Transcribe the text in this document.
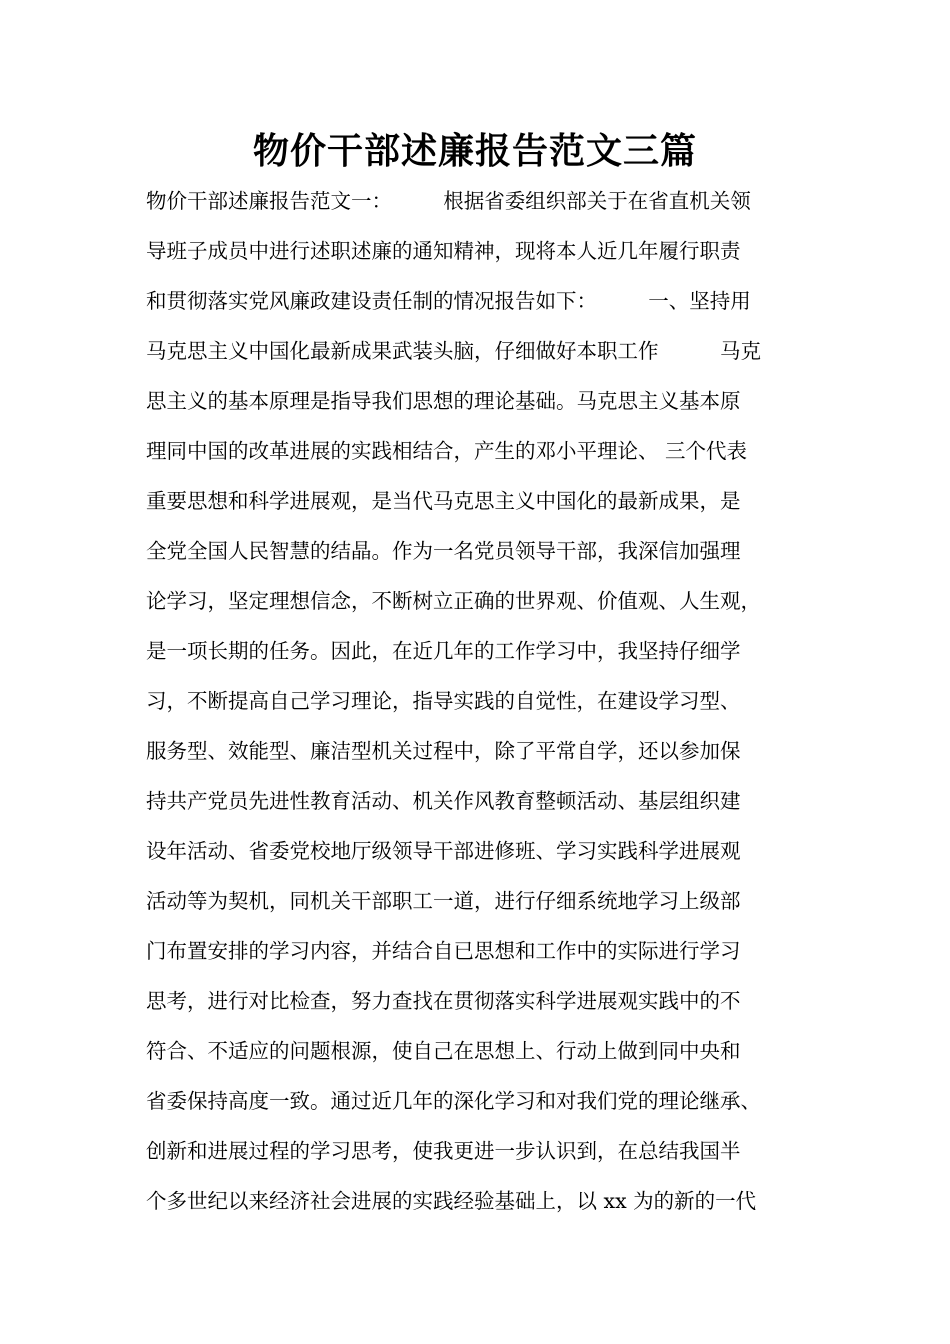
物价干部述廉报告范文三篇
物价干部述廉报告范文一：　　　根据省委组织部关于在省直机关领
导班子成员中进行述职述廉的通知精神，现将本人近几年履行职责
和贯彻落实党风廉政建设责任制的情况报告如下：　　　一、坚持用
马克思主义中国化最新成果武装头脑，仔细做好本职工作　　　马克
思主义的基本原理是指导我们思想的理论基础。马克思主义基本原
理同中国的改革进展的实践相结合，产生的邓小平理论、 三个代表
重要思想和科学进展观，是当代马克思主义中国化的最新成果，是
全党全国人民智慧的结晶。作为一名党员领导干部，我深信加强理
论学习，坚定理想信念，不断树立正确的世界观、价值观、人生观，
是一项长期的任务。因此，在近几年的工作学习中，我坚持仔细学
习，不断提高自己学习理论，指导实践的自觉性，在建设学习型、
服务型、效能型、廉洁型机关过程中，除了平常自学，还以参加保
持共产党员先进性教育活动、机关作风教育整顿活动、基层组织建
设年活动、省委党校地厅级领导干部进修班、学习实践科学进展观
活动等为契机，同机关干部职工一道，进行仔细系统地学习上级部
门布置安排的学习内容，并结合自已思想和工作中的实际进行学习
思考，进行对比检查，努力查找在贯彻落实科学进展观实践中的不
符合、不适应的问题根源，使自己在思想上、行动上做到同中央和
省委保持高度一致。通过近几年的深化学习和对我们党的理论继承、
创新和进展过程的学习思考，使我更进一步认识到，在总结我国半
个多世纪以来经济社会进展的实践经验基础上，以 xx 为的新的一代
